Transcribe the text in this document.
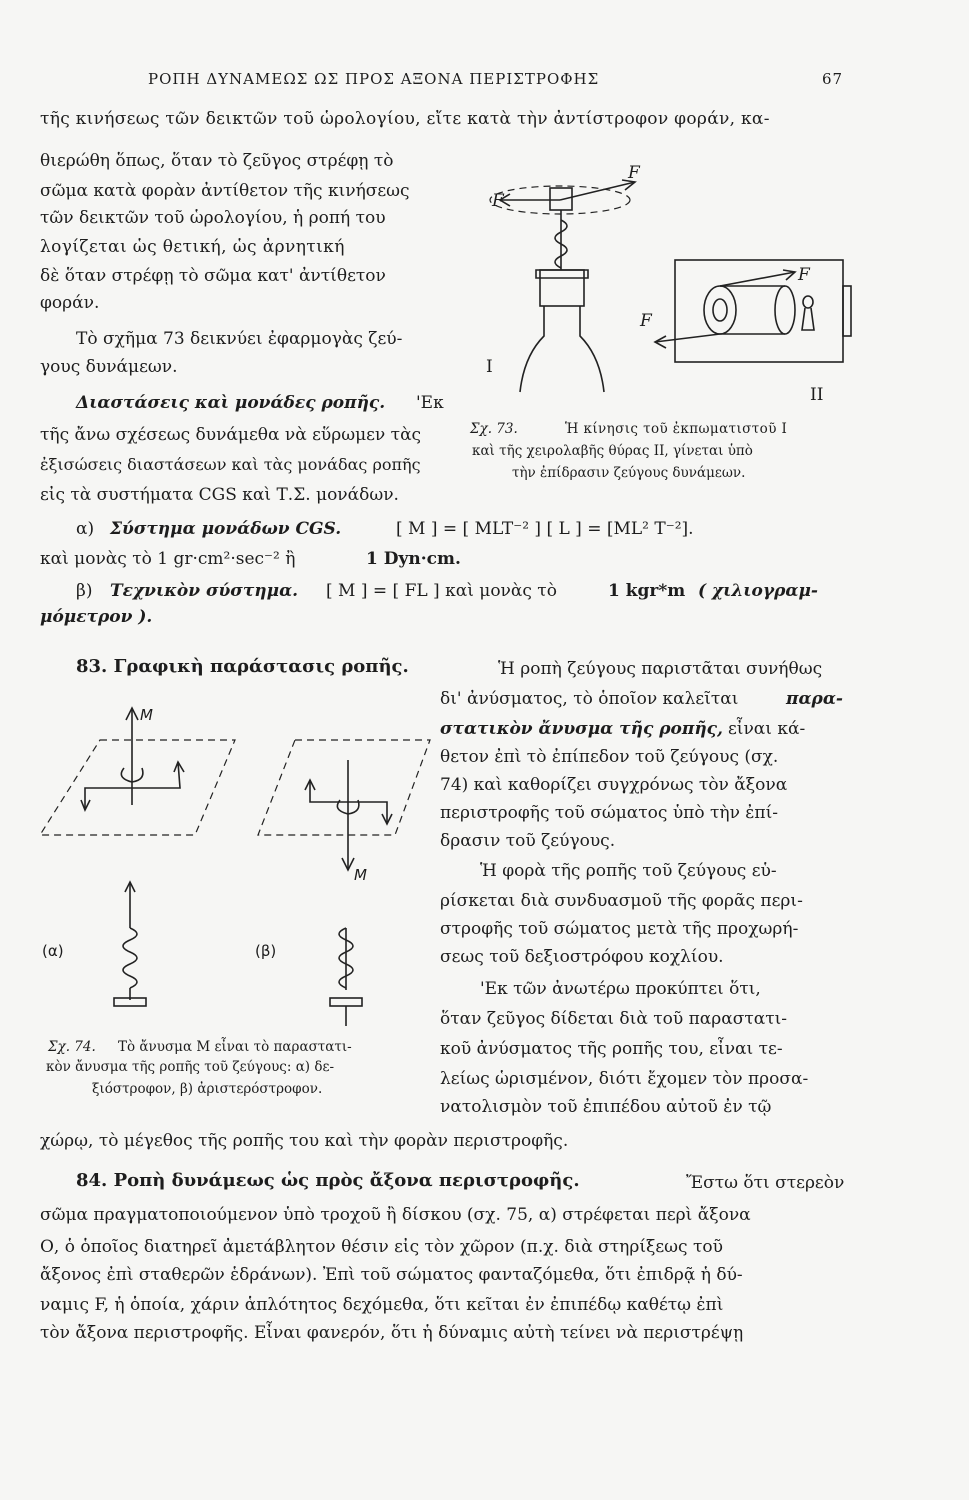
ΡΟΠΗ ΔΥΝΑΜΕΩΣ ΩΣ ΠΡΟΣ ΑΞΟΝΑ ΠΕΡΙΣΤΡΟΦΗΣ	67
τῆς κινήσεως τῶν δεικτῶν τοῦ ὡρολογίου, εἴτε κατὰ τὴν ἀντίστροφον φοράν, κα-
θιερώθη ὅπως, ὅταν τὸ ζεῦγος στρέφῃ τὸ
σῶμα κατὰ φορὰν ἀντίθετον τῆς κινήσεως
τῶν δεικτῶν τοῦ ὡρολογίου, ἡ ροπή του
λογίζεται ὡς θετική, ὡς ἀρνητική
δὲ ὅταν στρέφῃ τὸ σῶμα κατ' ἀντίθετον
φοράν.
Τὸ σχῆμα 73 δεικνύει ἐφαρμογὰς ζεύ-
γους δυνάμεων.
Διαστάσεις καὶ μονάδες ροπῆς. 'Εκ
τῆς ἄνω σχέσεως δυνάμεθα νὰ εὕρωμεν τὰς
ἐξισώσεις διαστάσεων καὶ τὰς μονάδας ροπῆς
εἰς τὰ συστήματα CGS καὶ Τ.Σ. μονάδων.
F
F
F
F
I
II
Σχ. 73.	Ἡ κίνησις τοῦ ἐκπωματιστοῦ Ι
καὶ τῆς χειρολαβῆς θύρας ΙΙ, γίνεται ὑπὸ
τὴν ἐπίδρασιν ζεύγους δυνάμεων.
α) Σύστημα μονάδων CGS.	[ M ] = [ MLT⁻² ] [ L ] = [ML² T⁻²].
καὶ μονὰς τὸ 1 gr·cm²·sec⁻² ἢ	1 Dyn·cm.
β) Τεχνικὸν σύστημα. [ M ] = [ FL ] καὶ μονὰς τὸ	1 kgr*m ( χιλιογραμ-
μόμετρον ).
83. Γραφικὴ παράστασις ροπῆς.	Ἡ ροπὴ ζεύγους παριστᾶται συνήθως
δι' ἀνύσματος, τὸ ὁποῖον καλεῖται	παρα-
στατικὸν ἄνυσμα τῆς ροπῆς, εἶναι κά-
θετον ἐπὶ τὸ ἐπίπεδον τοῦ ζεύγους (σχ.
74) καὶ καθορίζει συγχρόνως τὸν ἄξονα
περιστροφῆς τοῦ σώματος ὑπὸ τὴν ἐπί-
δρασιν τοῦ ζεύγους.
Ἡ φορὰ τῆς ροπῆς τοῦ ζεύγους εὑ-
ρίσκεται διὰ συνδυασμοῦ τῆς φορᾶς περι-
στροφῆς τοῦ σώματος μετὰ τῆς προχωρή-
σεως τοῦ δεξιοστρόφου κοχλίου.
'Εκ τῶν ἀνωτέρω προκύπτει ὅτι,
ὅταν ζεῦγος δίδεται διὰ τοῦ παραστατι-
κοῦ ἀνύσματος τῆς ροπῆς του, εἶναι τε-
λείως ὡρισμένον, διότι ἔχομεν τὸν προσα-
νατολισμὸν τοῦ ἐπιπέδου αὐτοῦ ἐν τῷ
χώρῳ, τὸ μέγεθος τῆς ροπῆς του καὶ τὴν φορὰν περιστροφῆς.
M
M
(α)	(β)
Σχ. 74. Τὸ ἄνυσμα Μ εἶναι τὸ παραστατι-
κὸν ἄνυσμα τῆς ροπῆς τοῦ ζεύγους: α) δε-
ξιόστροφον, β) ἀριστερόστροφον.
84. Ροπὴ δυνάμεως ὡς πρὸς ἄξονα περιστροφῆς.	Ἔστω ὅτι στερεὸν
σῶμα πραγματοποιούμενον ὑπὸ τροχοῦ ἢ δίσκου (σχ. 75, α) στρέφεται περὶ ἄξονα
Ο, ὁ ὁποῖος διατηρεῖ ἀμετάβλητον θέσιν εἰς τὸν χῶρον (π.χ. διὰ στηρίξεως τοῦ
ἄξονος ἐπὶ σταθερῶν ἑδράνων). Ἐπὶ τοῦ σώματος φανταζόμεθα, ὅτι ἐπιδρᾷ ἡ δύ-
ναμις F, ἡ ὁποία, χάριν ἁπλότητος δεχόμεθα, ὅτι κεῖται ἐν ἐπιπέδῳ καθέτῳ ἐπὶ
τὸν ἄξονα περιστροφῆς. Εἶναι φανερόν, ὅτι ἡ δύναμις αὐτὴ τείνει νὰ περιστρέψῃ
